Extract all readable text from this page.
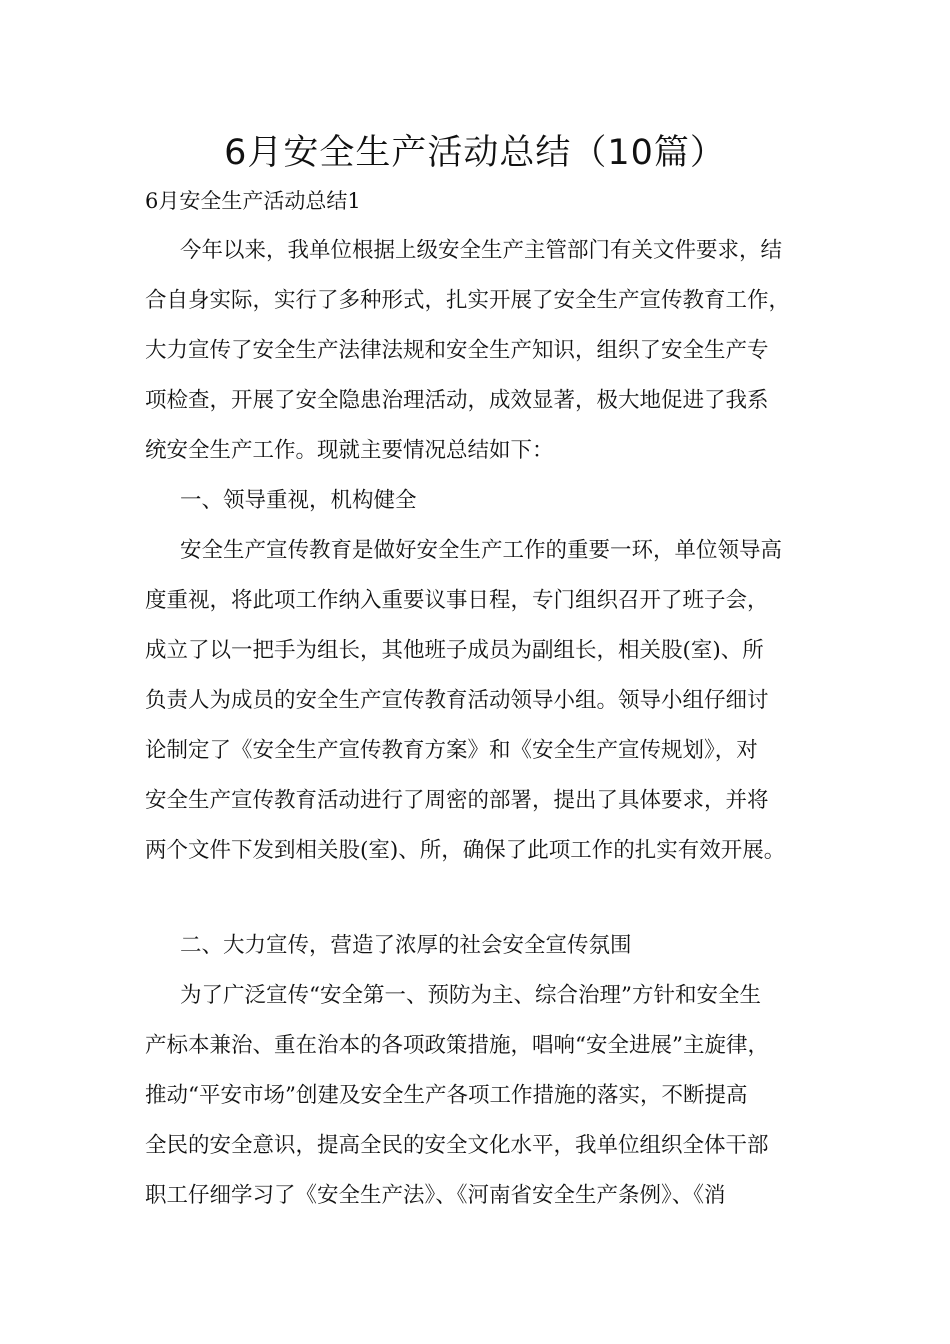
6月安全生产活动总结（10篇）

6月安全生产活动总结1

今年以来，我单位根据上级安全生产主管部门有关文件要求，结

合自身实际，实行了多种形式，扎实开展了安全生产宣传教育工作，

大力宣传了安全生产法律法规和安全生产知识，组织了安全生产专

项检查，开展了安全隐患治理活动，成效显著，极大地促进了我系

统安全生产工作。现就主要情况总结如下：

一、领导重视，机构健全

安全生产宣传教育是做好安全生产工作的重要一环，单位领导高

度重视，将此项工作纳入重要议事日程，专门组织召开了班子会，

成立了以一把手为组长，其他班子成员为副组长，相关股(室)、所

负责人为成员的安全生产宣传教育活动领导小组。领导小组仔细讨

论制定了《安全生产宣传教育方案》和《安全生产宣传规划》，对

安全生产宣传教育活动进行了周密的部署，提出了具体要求，并将

两个文件下发到相关股(室)、所，确保了此项工作的扎实有效开展。

二、大力宣传，营造了浓厚的社会安全宣传氛围

为了广泛宣传“安全第一、预防为主、综合治理”方针和安全生

产标本兼治、重在治本的各项政策措施，唱响“安全进展”主旋律，

推动“平安市场”创建及安全生产各项工作措施的落实，不断提高

全民的安全意识，提高全民的安全文化水平，我单位组织全体干部

职工仔细学习了《安全生产法》、《河南省安全生产条例》、《消
